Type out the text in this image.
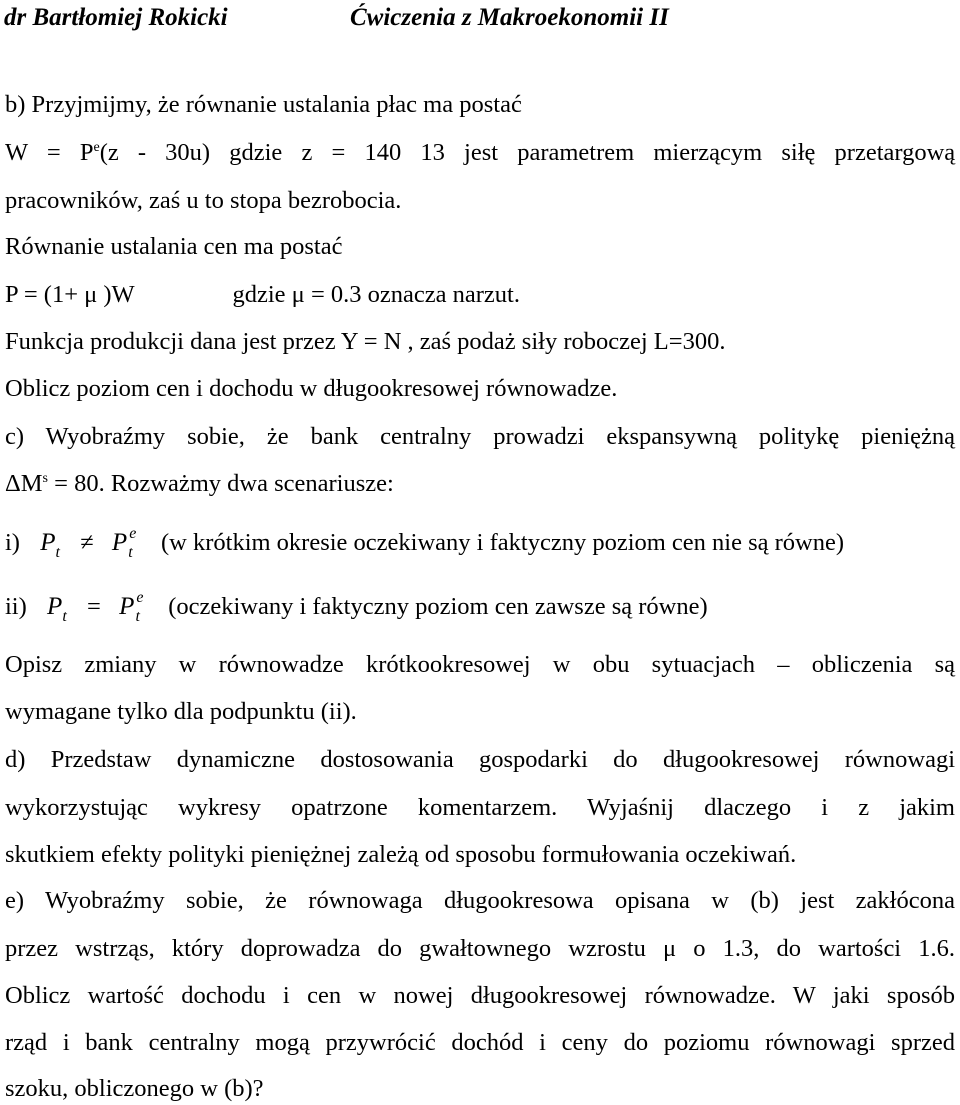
dr Bartłomiej Rokicki	Ćwiczenia z Makroekonomii II
b) Przyjmijmy, że równanie ustalania płac ma postać
$W = P^e(z - 30u)$ gdzie z = 140 13 jest parametrem mierzącym siłę przetargową
pracowników, zaś u to stopa bezrobocia.
Równanie ustalania cen ma postać
P = (1+ μ )W	gdzie μ = 0.3 oznacza narzut.
Funkcja produkcji dana jest przez Y = N , zaś podaż siły roboczej L=300.
Oblicz poziom cen i dochodu w długookresowej równowadze.
c) Wyobraźmy sobie, że bank centralny prowadzi ekspansywną politykę pieniężną
$\Delta M^s = 80$. Rozważmy dwa scenariusze:
i) $P_t \ne P$ $^e_t$ (w krótkim okresie oczekiwany i faktyczny poziom cen nie są równe)
ii) $P_t = P$ $^e_t$ (oczekiwany i faktyczny poziom cen zawsze są równe)
Opisz zmiany w równowadze krótkookresowej w obu sytuacjach – obliczenia są
wymagane tylko dla podpunktu (ii).
d) Przedstaw dynamiczne dostosowania gospodarki do długookresowej równowagi
wykorzystując wykresy opatrzone komentarzem. Wyjaśnij dlaczego i z jakim
skutkiem efekty polityki pieniężnej zależą od sposobu formułowania oczekiwań.
e) Wyobraźmy sobie, że równowaga długookresowa opisana w (b) jest zakłócona
przez wstrząs, który doprowadza do gwałtownego wzrostu μ o 1.3, do wartości 1.6.
Oblicz wartość dochodu i cen w nowej długookresowej równowadze. W jaki sposób
rząd i bank centralny mogą przywrócić dochód i ceny do poziomu równowagi sprzed
szoku, obliczonego w (b)?
